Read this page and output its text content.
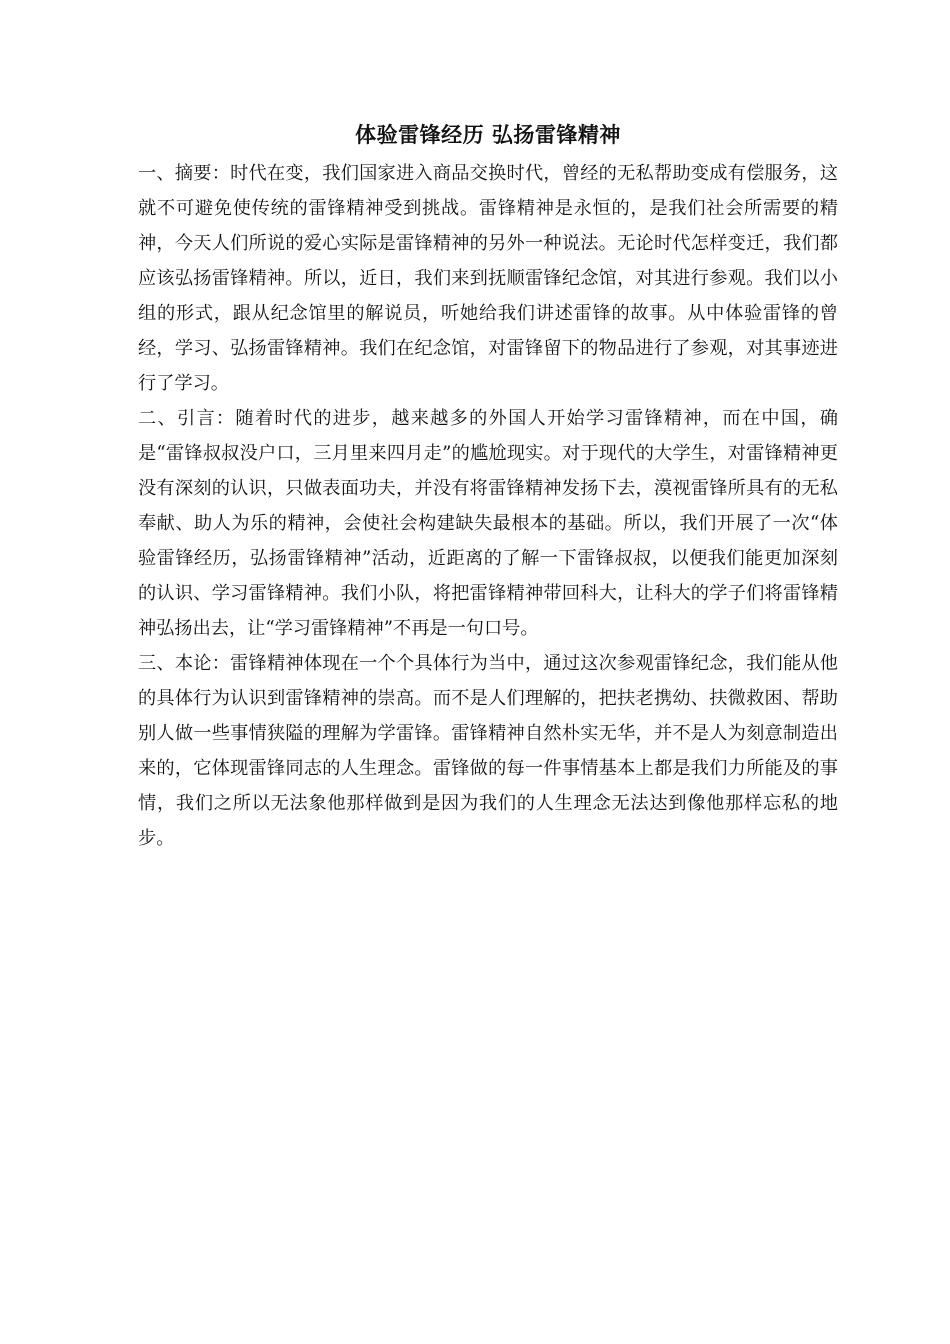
体验雷锋经历 弘扬雷锋精神

一、摘要：时代在变，我们国家进入商品交换时代，曾经的无私帮助变成有偿服务，这就不可避免使传统的雷锋精神受到挑战。雷锋精神是永恒的，是我们社会所需要的精神，今天人们所说的爱心实际是雷锋精神的另外一种说法。无论时代怎样变迁，我们都应该弘扬雷锋精神。所以，近日，我们来到抚顺雷锋纪念馆，对其进行参观。我们以小组的形式，跟从纪念馆里的解说员，听她给我们讲述雷锋的故事。从中体验雷锋的曾经，学习、弘扬雷锋精神。我们在纪念馆，对雷锋留下的物品进行了参观，对其事迹进行了学习。

二、引言：随着时代的进步，越来越多的外国人开始学习雷锋精神，而在中国，确是“雷锋叔叔没户口，三月里来四月走”的尴尬现实。对于现代的大学生，对雷锋精神更没有深刻的认识，只做表面功夫，并没有将雷锋精神发扬下去，漠视雷锋所具有的无私奉献、助人为乐的精神，会使社会构建缺失最根本的基础。所以，我们开展了一次“体验雷锋经历，弘扬雷锋精神”活动，近距离的了解一下雷锋叔叔，以便我们能更加深刻的认识、学习雷锋精神。我们小队，将把雷锋精神带回科大，让科大的学子们将雷锋精神弘扬出去，让“学习雷锋精神”不再是一句口号。

三、本论：雷锋精神体现在一个个具体行为当中，通过这次参观雷锋纪念，我们能从他的具体行为认识到雷锋精神的崇高。而不是人们理解的，把扶老携幼、扶微救困、帮助别人做一些事情狭隘的理解为学雷锋。雷锋精神自然朴实无华，并不是人为刻意制造出来的，它体现雷锋同志的人生理念。雷锋做的每一件事情基本上都是我们力所能及的事情，我们之所以无法象他那样做到是因为我们的人生理念无法达到像他那样忘私的地步。
